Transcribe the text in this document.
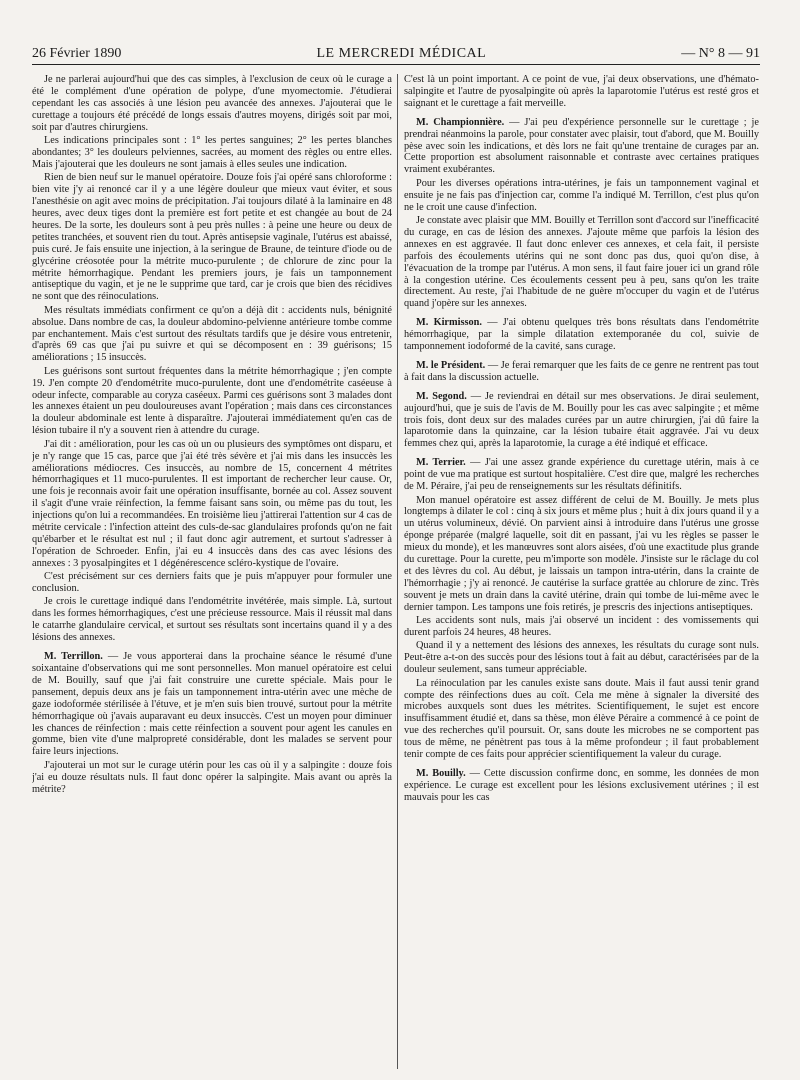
26 Février 1890	LE MERCREDI MÉDICAL	— N° 8 — 91

Je ne parlerai aujourd'hui que des cas simples, à l'exclusion de ceux où le curage a été le complément d'une opération de polype, d'une myomectomie. J'étudierai cependant les cas associés à une lésion peu avancée des annexes. J'ajouterai que le curettage a toujours été précédé de longs essais d'autres moyens, dirigés soit par moi, soit par d'autres chirurgiens.

Les indications principales sont : 1° les pertes sanguines; 2° les pertes blanches abondantes; 3° les douleurs pelviennes, sacrées, au moment des règles ou entre elles. Mais j'ajouterai que les douleurs ne sont jamais à elles seules une indication.

Rien de bien neuf sur le manuel opératoire. Douze fois j'ai opéré sans chloroforme : bien vite j'y ai renoncé car il y a une légère douleur que mieux vaut éviter, et sous l'anesthésie on agit avec moins de précipitation. J'ai toujours dilaté à la laminaire en 48 heures, avec deux tiges dont la première est fort petite et est changée au bout de 24 heures. De la sorte, les douleurs sont à peu près nulles : à peine une heure ou deux de petites tranchées, et souvent rien du tout. Après antisepsie vaginale, l'utérus est abaissé, puis curé. Je fais ensuite une injection, à la seringue de Braune, de teinture d'iode ou de glycérine créosotée pour la métrite muco-purulente ; de chlorure de zinc pour la métrite hémorrhagique. Pendant les premiers jours, je fais un tamponnement antiseptique du vagin, et je ne le supprime que tard, car je crois que bien des récidives ne sont que des réinoculations.

Mes résultats immédiats confirment ce qu'on a déjà dit : accidents nuls, bénignité absolue. Dans nombre de cas, la douleur abdomino-pelvienne antérieure tombe comme par enchantement. Mais c'est surtout des résultats tardifs que je désire vous entretenir, d'après 69 cas que j'ai pu suivre et qui se décomposent en : 39 guérisons; 15 améliorations ; 15 insuccès.

Les guérisons sont surtout fréquentes dans la métrite hémorrhagique ; j'en compte 19. J'en compte 20 d'endométrite muco-purulente, dont une d'endométrite caséeuse à odeur infecte, comparable au coryza caséeux. Parmi ces guérisons sont 3 malades dont les annexes étaient un peu douloureuses avant l'opération ; mais dans ces circonstances la douleur abdominale est lente à disparaître. J'ajouterai immédiatement qu'en cas de lésion tubaire il n'y a souvent rien à attendre du curage.

J'ai dit : amélioration, pour les cas où un ou plusieurs des symptômes ont disparu, et je n'y range que 15 cas, parce que j'ai été très sévère et j'ai mis dans les insuccès les améliorations médiocres. Ces insuccès, au nombre de 15, concernent 4 métrites hémorrhagiques et 11 muco-purulentes. Il est important de rechercher leur cause. Or, une fois je reconnais avoir fait une opération insuffisante, bornée au col. Assez souvent il s'agit d'une vraie réinfection, la femme faisant sans soin, ou même pas du tout, les injections qu'on lui a recommandées. En troisième lieu j'attirerai l'attention sur 4 cas de métrite cervicale : l'infection atteint des culs-de-sac glandulaires profonds qu'on ne fait qu'ébarber et le résultat est nul ; il faut donc agir autrement, et surtout s'adresser à l'opération de Schroeder. Enfin, j'ai eu 4 insuccès dans des cas avec lésions des annexes : 3 pyosalpingites et 1 dégénérescence scléro-kystique de l'ovaire.

C'est précisément sur ces derniers faits que je puis m'appuyer pour formuler une conclusion.

Je crois le curettage indiqué dans l'endométrite invétérée, mais simple. Là, surtout dans les formes hémorrhagiques, c'est une précieuse ressource. Mais il réussit mal dans le catarrhe glandulaire cervical, et surtout ses résultats sont incertains quand il y a des lésions des annexes.

M. Terrillon. — Je vous apporterai dans la prochaine séance le résumé d'une soixantaine d'observations qui me sont personnelles. Mon manuel opératoire est celui de M. Bouilly, sauf que j'ai fait construire une curette spéciale. Mais pour le pansement, depuis deux ans je fais un tamponnement intra-utérin avec une mèche de gaze iodoformée stérilisée à l'étuve, et je m'en suis bien trouvé, surtout pour la métrite hémorrhagique où j'avais auparavant eu deux insuccès. C'est un moyen pour diminuer les chances de réinfection : mais cette réinfection a souvent pour agent les canules en gomme, bien vite d'une malpropreté considérable, dont les malades se servent pour faire leurs injections.

J'ajouterai un mot sur le curage utérin pour les cas où il y a salpingite : douze fois j'ai eu douze résultats nuls. Il faut donc opérer la salpingite. Mais avant ou après la métrite?

C'est là un point important. A ce point de vue, j'ai deux observations, une d'hémato-salpingite et l'autre de pyosalpingite où après la laparotomie l'utérus est resté gros et saignant et le curettage a fait merveille.

M. Championnière. — J'ai peu d'expérience personnelle sur le curettage ; je prendrai néanmoins la parole, pour constater avec plaisir, tout d'abord, que M. Bouilly pèse avec soin les indications, et dès lors ne fait qu'une trentaine de curages par an. Cette proportion est absolument raisonnable et contraste avec certaines pratiques vraiment exubérantes.

Pour les diverses opérations intra-utérines, je fais un tamponnement vaginal et ensuite je ne fais pas d'injection car, comme l'a indiqué M. Terrillon, c'est plus qu'on ne le croit une cause d'infection.

Je constate avec plaisir que MM. Bouilly et Terrillon sont d'accord sur l'inefficacité du curage, en cas de lésion des annexes. J'ajoute même que parfois la lésion des annexes en est aggravée. Il faut donc enlever ces annexes, et cela fait, il persiste parfois des écoulements utérins qui ne sont donc pas dus, quoi qu'on dise, à l'évacuation de la trompe par l'utérus. A mon sens, il faut faire jouer ici un grand rôle à la congestion utérine. Ces écoulements cessent peu à peu, sans qu'on les traite directement. Au reste, j'ai l'habitude de ne guère m'occuper du vagin et de l'utérus quand j'opère sur les annexes.

M. Kirmisson. — J'ai obtenu quelques très bons résultats dans l'endométrite hémorrhagique, par la simple dilatation extemporanée du col, suivie de tamponnement iodoformé de la cavité, sans curage.

M. le Président. — Je ferai remarquer que les faits de ce genre ne rentrent pas tout à fait dans la discussion actuelle.

M. Segond. — Je reviendrai en détail sur mes observations. Je dirai seulement, aujourd'hui, que je suis de l'avis de M. Bouilly pour les cas avec salpingite ; et même trois fois, dont deux sur des malades curées par un autre chirurgien, j'ai dû faire la laparotomie dans la quinzaine, car la lésion tubaire était aggravée. J'ai vu deux femmes chez qui, après la laparotomie, la curage a été indiqué et efficace.

M. Terrier. — J'ai une assez grande expérience du curettage utérin, mais à ce point de vue ma pratique est surtout hospitalière. C'est dire que, malgré les recherches de M. Péraire, j'ai peu de renseignements sur les résultats définitifs.

Mon manuel opératoire est assez différent de celui de M. Bouilly. Je mets plus longtemps à dilater le col : cinq à six jours et même plus ; huit à dix jours quand il y a un utérus volumineux, dévié. On parvient ainsi à introduire dans l'utérus une grosse éponge préparée (malgré laquelle, soit dit en passant, j'ai vu les règles se passer le mieux du monde), et les manœuvres sont alors aisées, d'où une exactitude plus grande du curettage. Pour la curette, peu m'importe son modèle. J'insiste sur le râclage du col et des lèvres du col. Au début, je laissais un tampon intra-utérin, dans la crainte de l'hémorrhagie ; j'y ai renoncé. Je cautérise la surface grattée au chlorure de zinc. Très souvent je mets un drain dans la cavité utérine, drain qui tombe de lui-même avec le dernier tampon. Les tampons une fois retirés, je prescris des injections antiseptiques.

Les accidents sont nuls, mais j'ai observé un incident : des vomissements qui durent parfois 24 heures, 48 heures.

Quand il y a nettement des lésions des annexes, les résultats du curage sont nuls. Peut-être a-t-on des succès pour des lésions tout à fait au début, caractérisées par de la douleur seulement, sans tumeur appréciable.

La réinoculation par les canules existe sans doute. Mais il faut aussi tenir grand compte des réinfections dues au coït. Cela me mène à signaler la diversité des microbes auxquels sont dues les métrites. Scientifiquement, le sujet est encore insuffisamment étudié et, dans sa thèse, mon élève Péraire a commencé à ce point de vue des recherches qu'il poursuit. Or, sans doute les microbes ne se comportent pas tous de même, ne pénètrent pas tous à la même profondeur ; il faut probablement tenir compte de ces faits pour apprécier scientifiquement la valeur du curage.

M. Bouilly. — Cette discussion confirme donc, en somme, les données de mon expérience. Le curage est excellent pour les lésions exclusivement utérines ; il est mauvais pour les cas
